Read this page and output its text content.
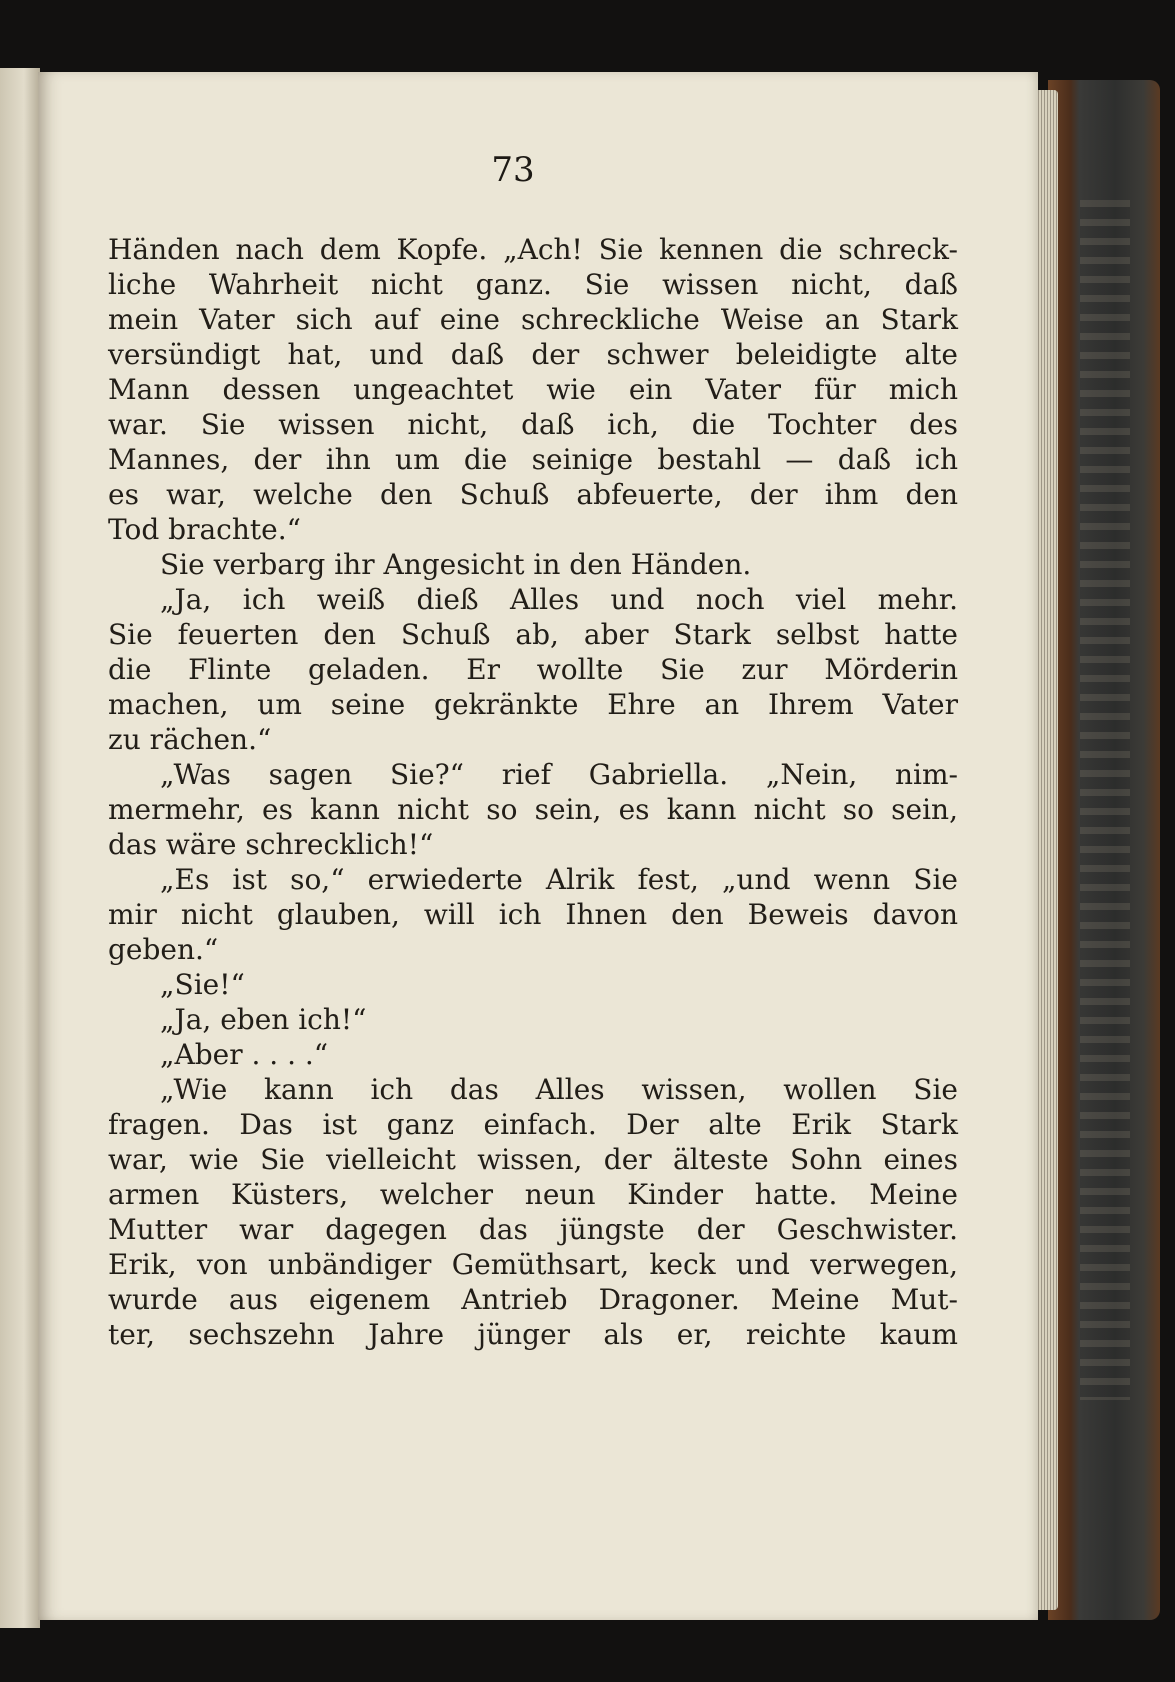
73

Händen nach dem Kopfe. „Ach! Sie kennen die schreck-

liche Wahrheit nicht ganz. Sie wissen nicht, daß

mein Vater sich auf eine schreckliche Weise an Stark

versündigt hat, und daß der schwer beleidigte alte

Mann dessen ungeachtet wie ein Vater für mich

war. Sie wissen nicht, daß ich, die Tochter des

Mannes, der ihn um die seinige bestahl — daß ich

es war, welche den Schuß abfeuerte, der ihm den

Tod brachte.“

Sie verbarg ihr Angesicht in den Händen.

„Ja, ich weiß dieß Alles und noch viel mehr.

Sie feuerten den Schuß ab, aber Stark selbst hatte

die Flinte geladen. Er wollte Sie zur Mörderin

machen, um seine gekränkte Ehre an Ihrem Vater

zu rächen.“

„Was sagen Sie?“ rief Gabriella. „Nein, nim-

mermehr, es kann nicht so sein, es kann nicht so sein,

das wäre schrecklich!“

„Es ist so,“ erwiederte Alrik fest, „und wenn Sie

mir nicht glauben, will ich Ihnen den Beweis davon

geben.“

„Sie!“

„Ja, eben ich!“

„Aber . . . .“

„Wie kann ich das Alles wissen, wollen Sie

fragen. Das ist ganz einfach. Der alte Erik Stark

war, wie Sie vielleicht wissen, der älteste Sohn eines

armen Küsters, welcher neun Kinder hatte. Meine

Mutter war dagegen das jüngste der Geschwister.

Erik, von unbändiger Gemüthsart, keck und verwegen,

wurde aus eigenem Antrieb Dragoner. Meine Mut-

ter, sechszehn Jahre jünger als er, reichte kaum
